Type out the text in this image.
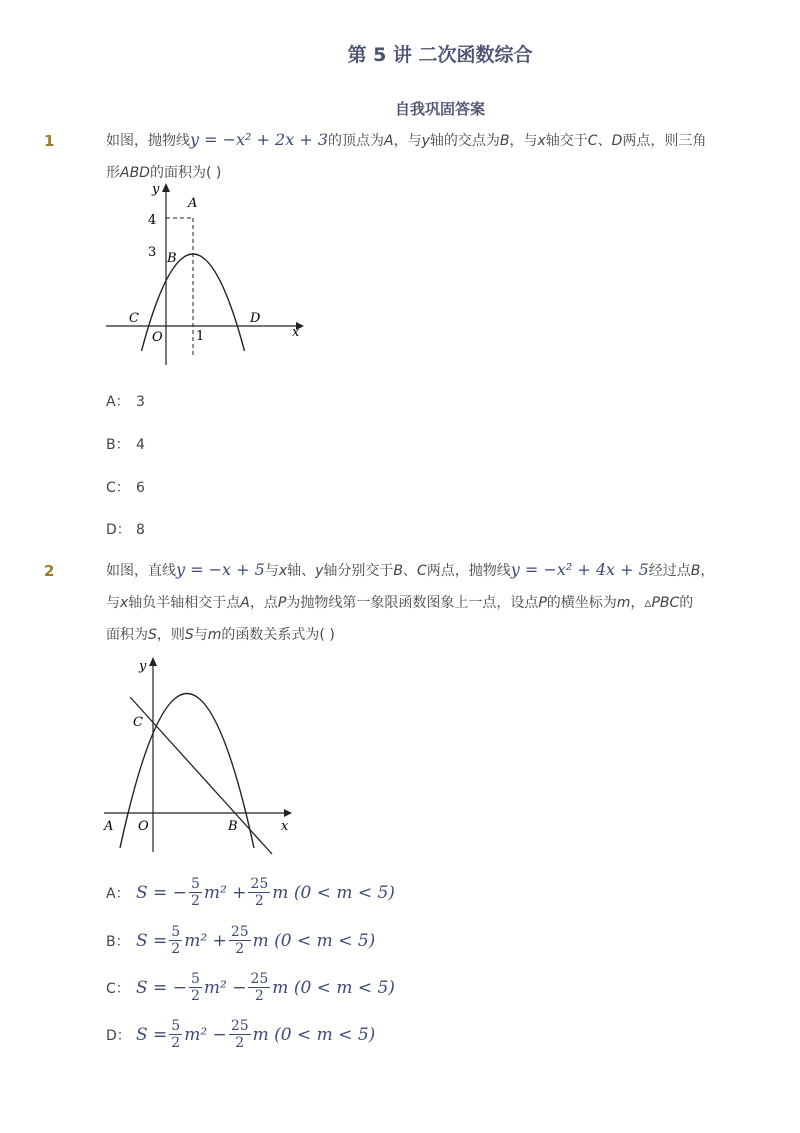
第 5 讲 二次函数综合
自我巩固答案
1	如图，抛物线y = −x² + 2x + 3的顶点为A，与y轴的交点为B，与x轴交于C、D两点，则三角
形ABD的面积为( )
y
x
A
B
C	D
O
4
3
1
A： 3
B： 4
C： 6
D： 8
2	如图，直线y = −x + 5与x轴、y轴分别交于B、C两点，抛物线y = −x² + 4x + 5经过点B，
与x轴负半轴相交于点A，点P为抛物线第一象限函数图象上一点，设点P的横坐标为m，▵PBC的
面积为S，则S与m的函数关系式为( )
y
x
A	B
C
O
A： S = − $\frac{5}{2} m^2 + \frac{25}{2}$ m (0 < m < 5)
B： $S = \frac{5}{2} m^2 + \frac{25}{2}$ m (0 < m < 5)
C： S = − $\frac{5}{2} m^2 - \frac{25}{2}$ m (0 < m < 5)
D： $S = \frac{5}{2} m^2 - \frac{25}{2}$ m (0 < m < 5)
